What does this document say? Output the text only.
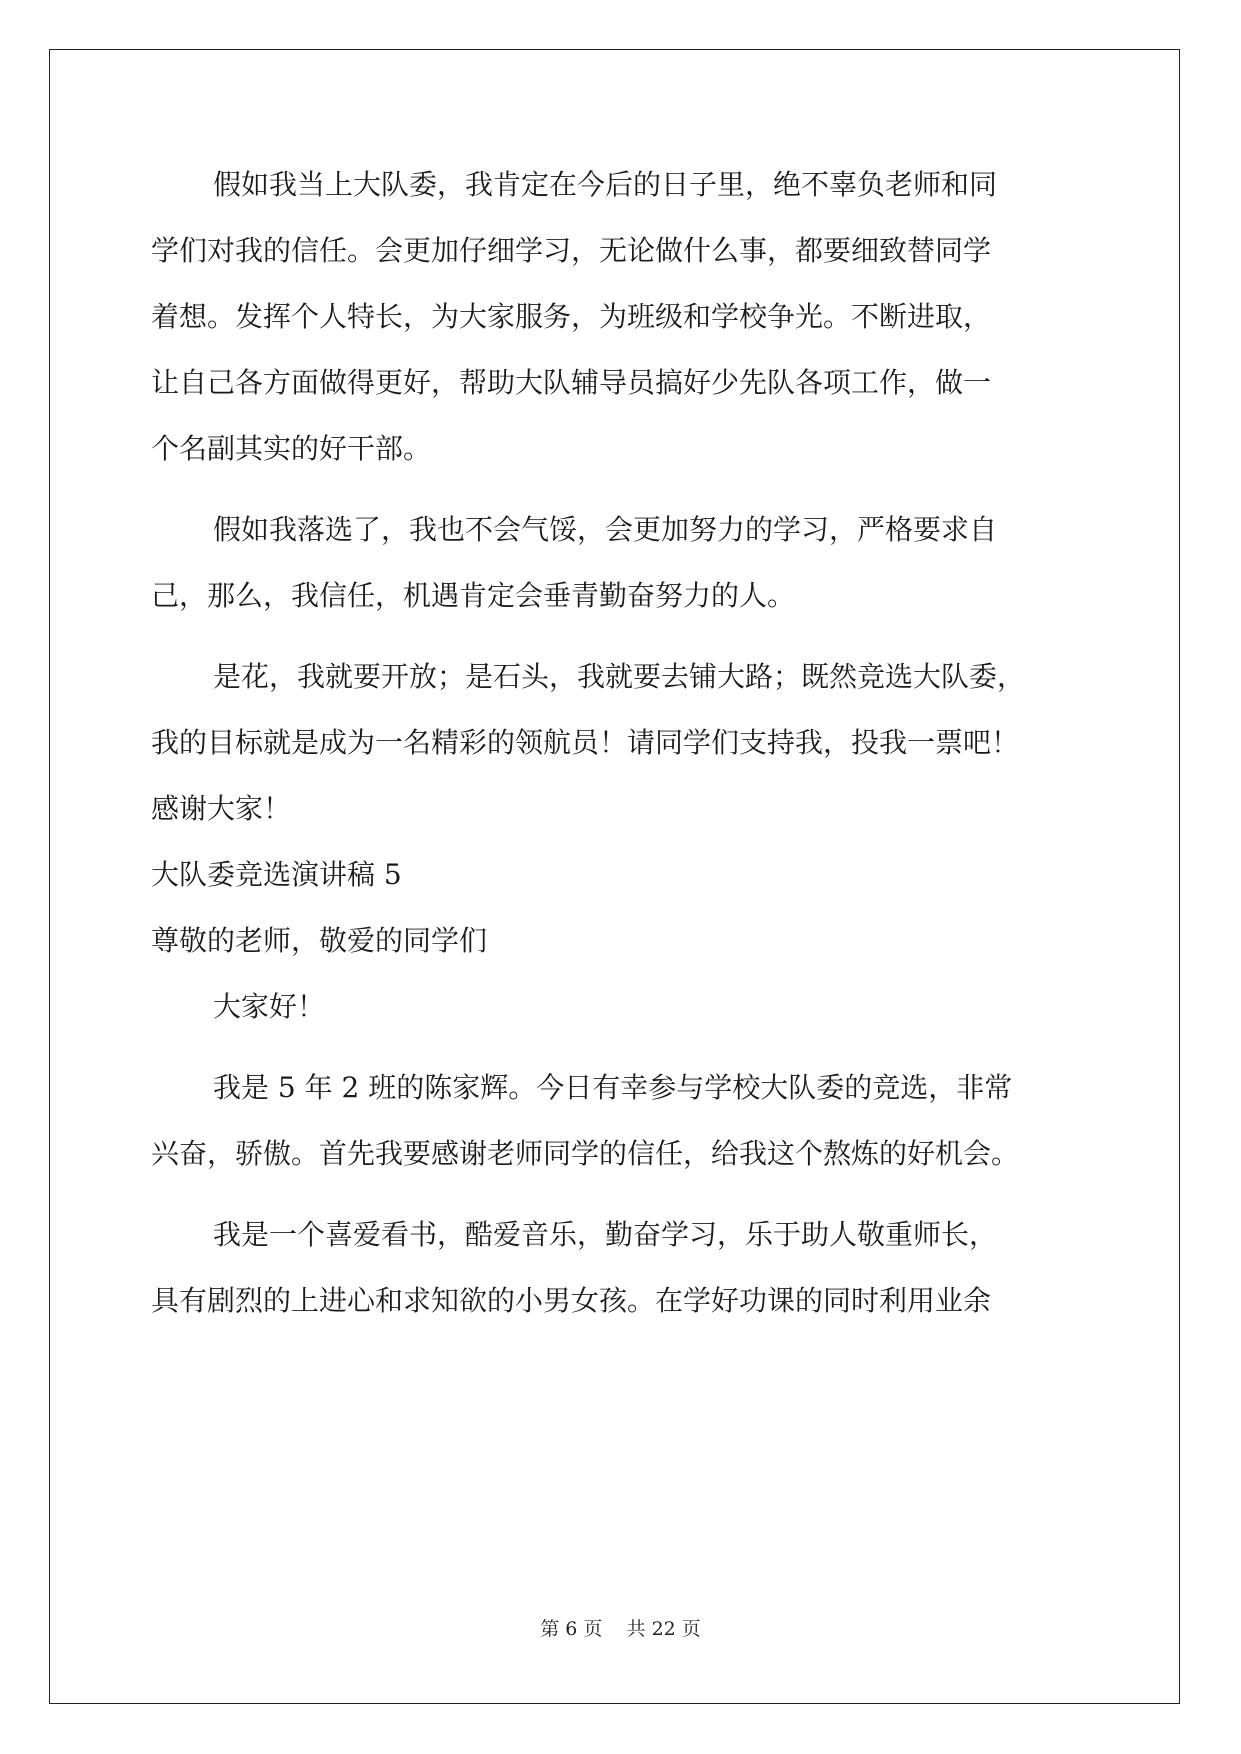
假如我当上大队委，我肯定在今后的日子里，绝不辜负老师和同
学们对我的信任。会更加仔细学习，无论做什么事，都要细致替同学
着想。发挥个人特长，为大家服务，为班级和学校争光。不断进取，
让自己各方面做得更好，帮助大队辅导员搞好少先队各项工作，做一
个名副其实的好干部。
假如我落选了，我也不会气馁，会更加努力的学习，严格要求自
己，那么，我信任，机遇肯定会垂青勤奋努力的人。
是花，我就要开放；是石头，我就要去铺大路；既然竞选大队委，
我的目标就是成为一名精彩的领航员！请同学们支持我，投我一票吧！
感谢大家！
大队委竞选演讲稿 5
尊敬的老师，敬爱的同学们
大家好！
我是 5 年 2 班的陈家辉。今日有幸参与学校大队委的竞选，非常
兴奋，骄傲。首先我要感谢老师同学的信任，给我这个熬炼的好机会。
我是一个喜爱看书，酷爱音乐，勤奋学习，乐于助人敬重师长，
具有剧烈的上进心和求知欲的小男女孩。在学好功课的同时利用业余
第 6 页    共 22 页
